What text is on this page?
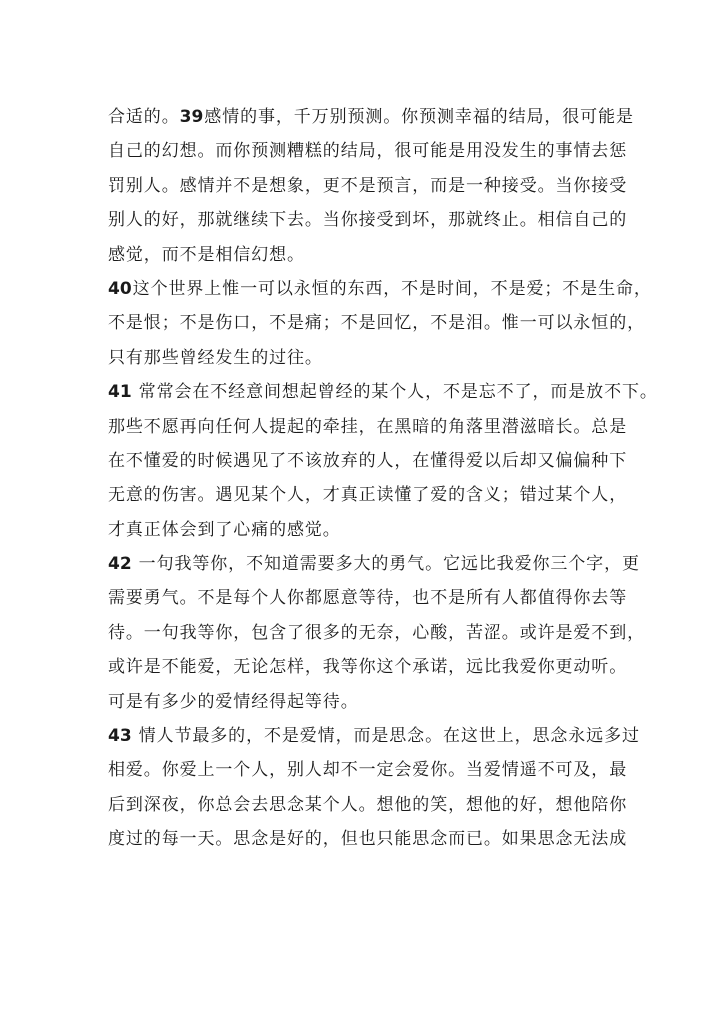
合适的。39感情的事，千万别预测。你预测幸福的结局，很可能是
自己的幻想。而你预测糟糕的结局，很可能是用没发生的事情去惩
罚别人。感情并不是想象，更不是预言，而是一种接受。当你接受
别人的好，那就继续下去。当你接受到坏，那就终止。相信自己的
感觉，而不是相信幻想。
40这个世界上惟一可以永恒的东西，不是时间，不是爱；不是生命，
不是恨；不是伤口，不是痛；不是回忆，不是泪。惟一可以永恒的，
只有那些曾经发生的过往。
41 常常会在不经意间想起曾经的某个人，不是忘不了，而是放不下。
那些不愿再向任何人提起的牵挂，在黑暗的角落里潜滋暗长。总是
在不懂爱的时候遇见了不该放弃的人，在懂得爱以后却又偏偏种下
无意的伤害。遇见某个人，才真正读懂了爱的含义；错过某个人，
才真正体会到了心痛的感觉。
42 一句我等你，不知道需要多大的勇气。它远比我爱你三个字，更
需要勇气。不是每个人你都愿意等待，也不是所有人都值得你去等
待。一句我等你，包含了很多的无奈，心酸，苦涩。或许是爱不到，
或许是不能爱，无论怎样，我等你这个承诺，远比我爱你更动听。
可是有多少的爱情经得起等待。
43 情人节最多的，不是爱情，而是思念。在这世上，思念永远多过
相爱。你爱上一个人，别人却不一定会爱你。当爱情遥不可及，最
后到深夜，你总会去思念某个人。想他的笑，想他的好，想他陪你
度过的每一天。思念是好的，但也只能思念而已。如果思念无法成
